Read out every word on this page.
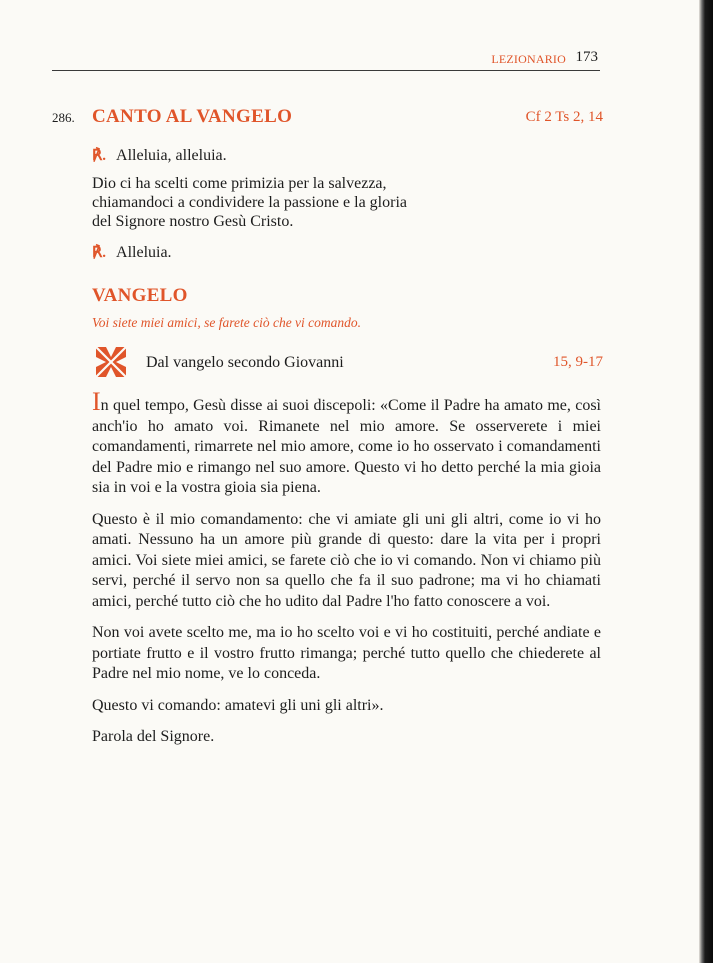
LEZIONARIO 173
286. CANTO AL VANGELO	Cf 2 Ts 2, 14
℟. Alleluia, alleluia.
Dio ci ha scelti come primizia per la salvezza,
chiamandoci a condividere la passione e la gloria
del Signore nostro Gesù Cristo.
℟. Alleluia.
VANGELO
Voi siete miei amici, se farete ciò che vi comando.
Dal vangelo secondo Giovanni	15, 9-17

In quel tempo, Gesù disse ai suoi discepoli: «Come il Padre ha amato me, così anch'io ho amato voi. Rimanete nel mio amore. Se osserverete i miei comandamenti, rimarrete nel mio amore, come io ho osservato i comandamenti del Padre mio e rimango nel suo amore. Questo vi ho detto perché la mia gioia sia in voi e la vostra gioia sia piena.

Questo è il mio comandamento: che vi amiate gli uni gli altri, come io vi ho amati. Nessuno ha un amore più grande di questo: dare la vita per i propri amici. Voi siete miei amici, se farete ciò che io vi comando. Non vi chiamo più servi, perché il servo non sa quello che fa il suo padrone; ma vi ho chiamati amici, perché tutto ciò che ho udito dal Padre l'ho fatto conoscere a voi.

Non voi avete scelto me, ma io ho scelto voi e vi ho costituiti, perché andiate e portiate frutto e il vostro frutto rimanga; perché tutto quello che chiederete al Padre nel mio nome, ve lo conceda.

Questo vi comando: amatevi gli uni gli altri».

Parola del Signore.
